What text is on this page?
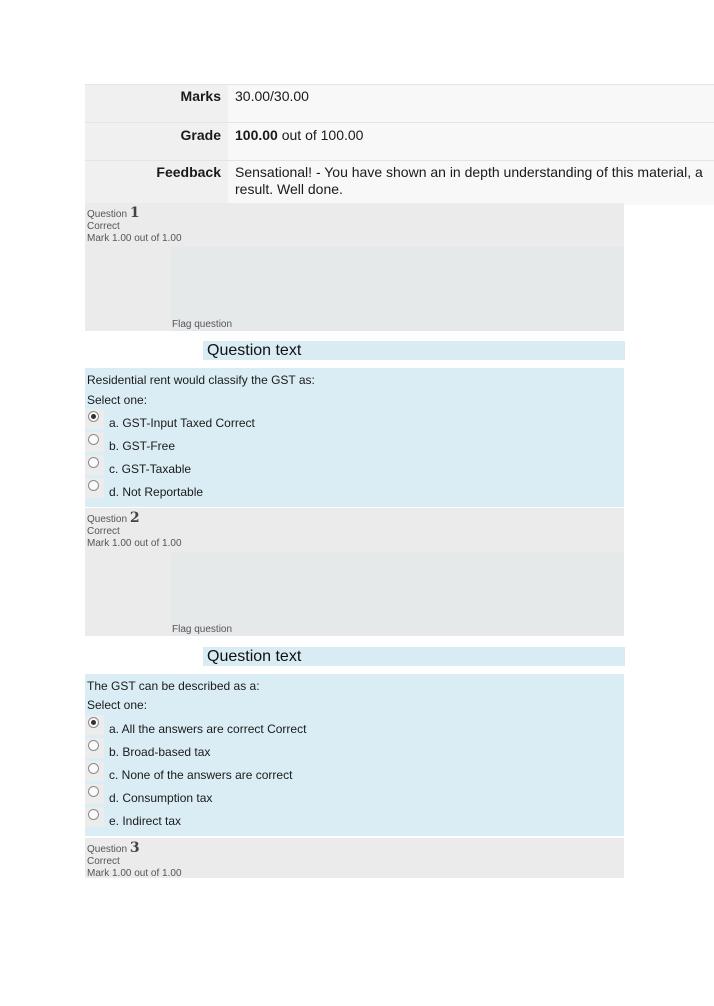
Marks	30.00/30.00
Grade	100.00 out of 100.00
Feedback	Sensational! - You have shown an in depth understanding of this material, a
result. Well done.
Question 1
Correct
Mark 1.00 out of 1.00
Flag question
Question text
Residential rent would classify the GST as:
Select one:
a. GST-Input Taxed Correct
b. GST-Free
c. GST-Taxable
d. Not Reportable
Question 2
Correct
Mark 1.00 out of 1.00
Flag question
Question text
The GST can be described as a:
Select one:
a. All the answers are correct Correct
b. Broad-based tax
c. None of the answers are correct
d. Consumption tax
e. Indirect tax
Question 3
Correct
Mark 1.00 out of 1.00
